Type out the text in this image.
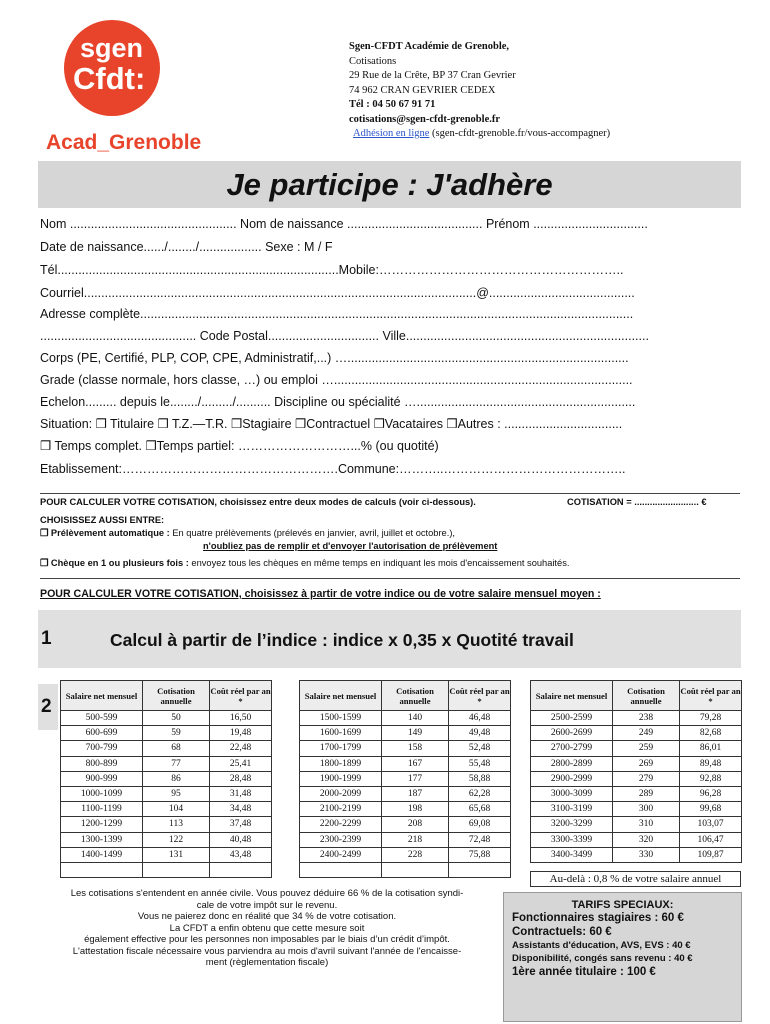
sgen
Cfdt:
Acad_Grenoble
Sgen-CFDT Académie de Grenoble,
Cotisations
29 Rue de la Crête, BP 37 Cran Gevrier
74 962 CRAN GEVRIER CEDEX
Tél : 04 50 67 91 71
cotisations@sgen-cfdt-grenoble.fr
Adhésion en ligne (sgen-cfdt-grenoble.fr/vous-accompagner)
Je participe : J'adhère
Nom ................................................ Nom de naissance ....................................... Prénom .................................
Date de naissance....../......../.................. Sexe : M / F
Tél.................................................................................Mobile:…………………………………………………..
Courriel.................................................................................................................@..........................................
Adresse complète..............................................................................................................................................
............................................. Code Postal................................ Ville......................................................................
Corps (PE, Certifié, PLP, COP, CPE, Administratif,...) ….................................................................................
Grade (classe normale, hors classe, …) ou emploi …......................................................................................
Echelon......... depuis le......../........./.......... Discipline ou spécialité …...............................................................
Situation: ❒ Titulaire ❒ T.Z.—T.R. ❒Stagiaire ❒Contractuel ❒Vacataires ❒Autres : ..................................
❒ Temps complet. ❒Temps partiel: ………………………...% (ou quotité)
Etablissement:…………………………………………….Commune:………..……………………………………..
POUR CALCULER VOTRE COTISATION, choisissez entre deux modes de calculs (voir ci-dessous).	COTISATION = ......................... €
CHOISISSEZ AUSSI ENTRE:
❒ Prélèvement automatique : En quatre prélèvements (prélevés en janvier, avril, juillet et octobre.),
n'oubliez pas de remplir et d'envoyer l'autorisation de prélèvement
❒ Chèque en 1 ou plusieurs fois : envoyez tous les chèques en même temps en indiquant les mois d'encaissement souhaités.
POUR CALCULER VOTRE COTISATION, choisissez à partir de votre indice ou de votre salaire mensuel moyen :
1	Calcul à partir de l’indice : indice x 0,35 x Quotité travail
2
Salaire net mensuel	Cotisation annuelle	Coût réel par an *
500-599	50	16,50
600-699	59	19,48
700-799	68	22,48
800-899	77	25,41
900-999	86	28,48
1000-1099	95	31,48
1100-1199	104	34,48
1200-1299	113	37,48
1300-1399	122	40,48
1400-1499	131	43,48

Salaire net mensuel	Cotisation annuelle	Coût réel par an *
1500-1599	140	46,48
1600-1699	149	49,48
1700-1799	158	52,48
1800-1899	167	55,48
1900-1999	177	58,88
2000-2099	187	62,28
2100-2199	198	65,68
2200-2299	208	69,08
2300-2399	218	72,48
2400-2499	228	75,88

Salaire net mensuel	Cotisation annuelle	Coût réel par an *
2500-2599	238	79,28
2600-2699	249	82,68
2700-2799	259	86,01
2800-2899	269	89,48
2900-2999	279	92,88
3000-3099	289	96,28
3100-3199	300	99,68
3200-3299	310	103,07
3300-3399	320	106,47
3400-3499	330	109,87
Au-delà : 0,8 % de votre salaire annuel
Les cotisations s'entendent en année civile. Vous pouvez déduire 66 % de la cotisation syndi-
cale de votre impôt sur le revenu.
Vous ne paierez donc en réalité que 34 % de votre cotisation.
La CFDT a enfin obtenu que cette mesure soit
également effective pour les personnes non imposables par le biais d’un crédit d’impôt.
L'attestation fiscale nécessaire vous parviendra au mois d'avril suivant l'année de l'encaisse-
ment (règlementation fiscale)
TARIFS SPECIAUX:
Fonctionnaires stagiaires : 60 €
Contractuels: 60 €
Assistants d'éducation, AVS, EVS : 40 €
Disponibilité, congés sans revenu : 40 €
1ère année titulaire : 100 €
